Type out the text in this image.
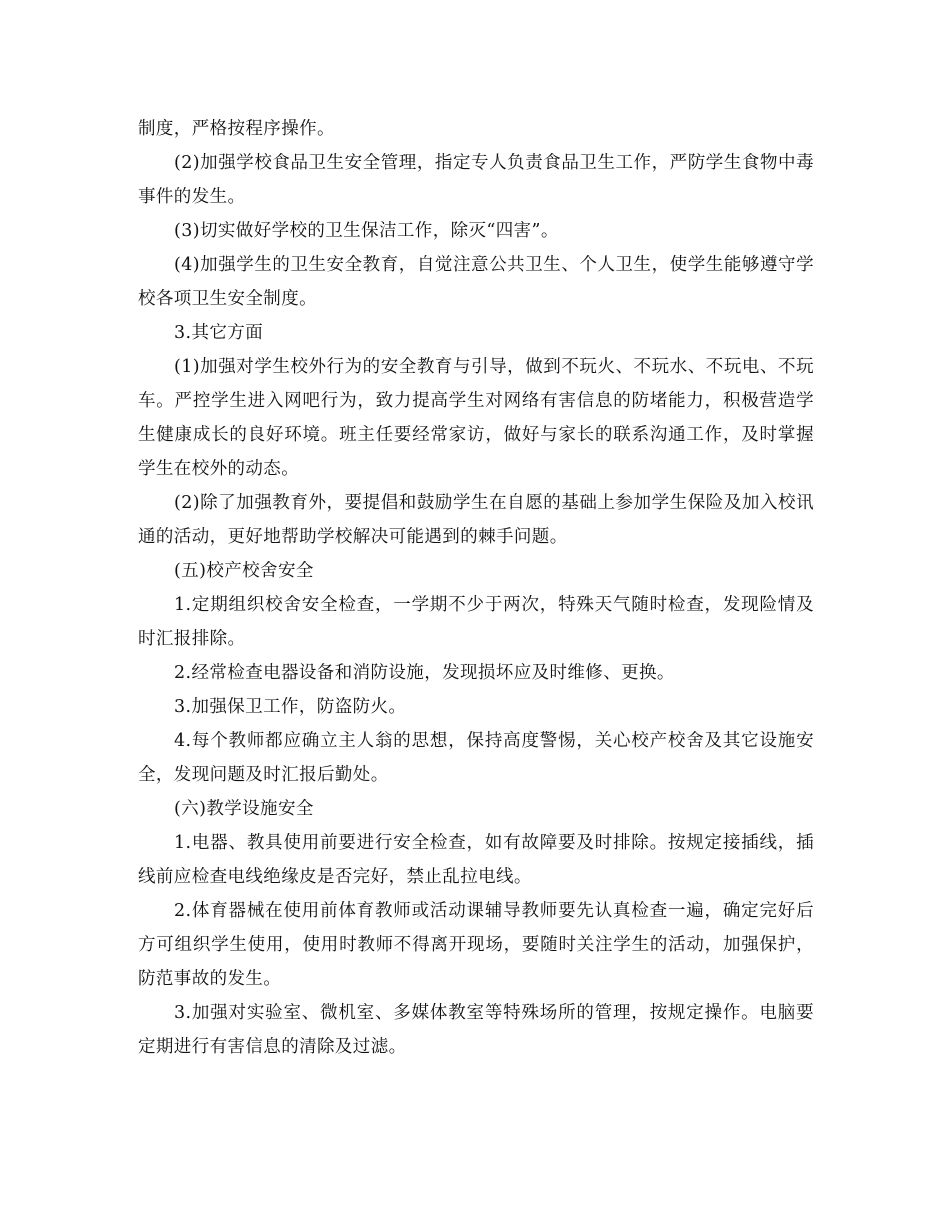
制度，严格按程序操作。

(2)加强学校食品卫生安全管理，指定专人负责食品卫生工作，严防学生食物中毒事件的发生。

(3)切实做好学校的卫生保洁工作，除灭“四害”。

(4)加强学生的卫生安全教育，自觉注意公共卫生、个人卫生，使学生能够遵守学校各项卫生安全制度。

3.其它方面

(1)加强对学生校外行为的安全教育与引导，做到不玩火、不玩水、不玩电、不玩车。严控学生进入网吧行为，致力提高学生对网络有害信息的防堵能力，积极营造学生健康成长的良好环境。班主任要经常家访，做好与家长的联系沟通工作，及时掌握学生在校外的动态。

(2)除了加强教育外，要提倡和鼓励学生在自愿的基础上参加学生保险及加入校讯通的活动，更好地帮助学校解决可能遇到的棘手问题。

(五)校产校舍安全

1.定期组织校舍安全检查，一学期不少于两次，特殊天气随时检查，发现险情及时汇报排除。

2.经常检查电器设备和消防设施，发现损坏应及时维修、更换。

3.加强保卫工作，防盗防火。

4.每个教师都应确立主人翁的思想，保持高度警惕，关心校产校舍及其它设施安全，发现问题及时汇报后勤处。

(六)教学设施安全

1.电器、教具使用前要进行安全检查，如有故障要及时排除。按规定接插线，插线前应检查电线绝缘皮是否完好，禁止乱拉电线。

2.体育器械在使用前体育教师或活动课辅导教师要先认真检查一遍，确定完好后方可组织学生使用，使用时教师不得离开现场，要随时关注学生的活动，加强保护，防范事故的发生。

3.加强对实验室、微机室、多媒体教室等特殊场所的管理，按规定操作。电脑要定期进行有害信息的清除及过滤。
